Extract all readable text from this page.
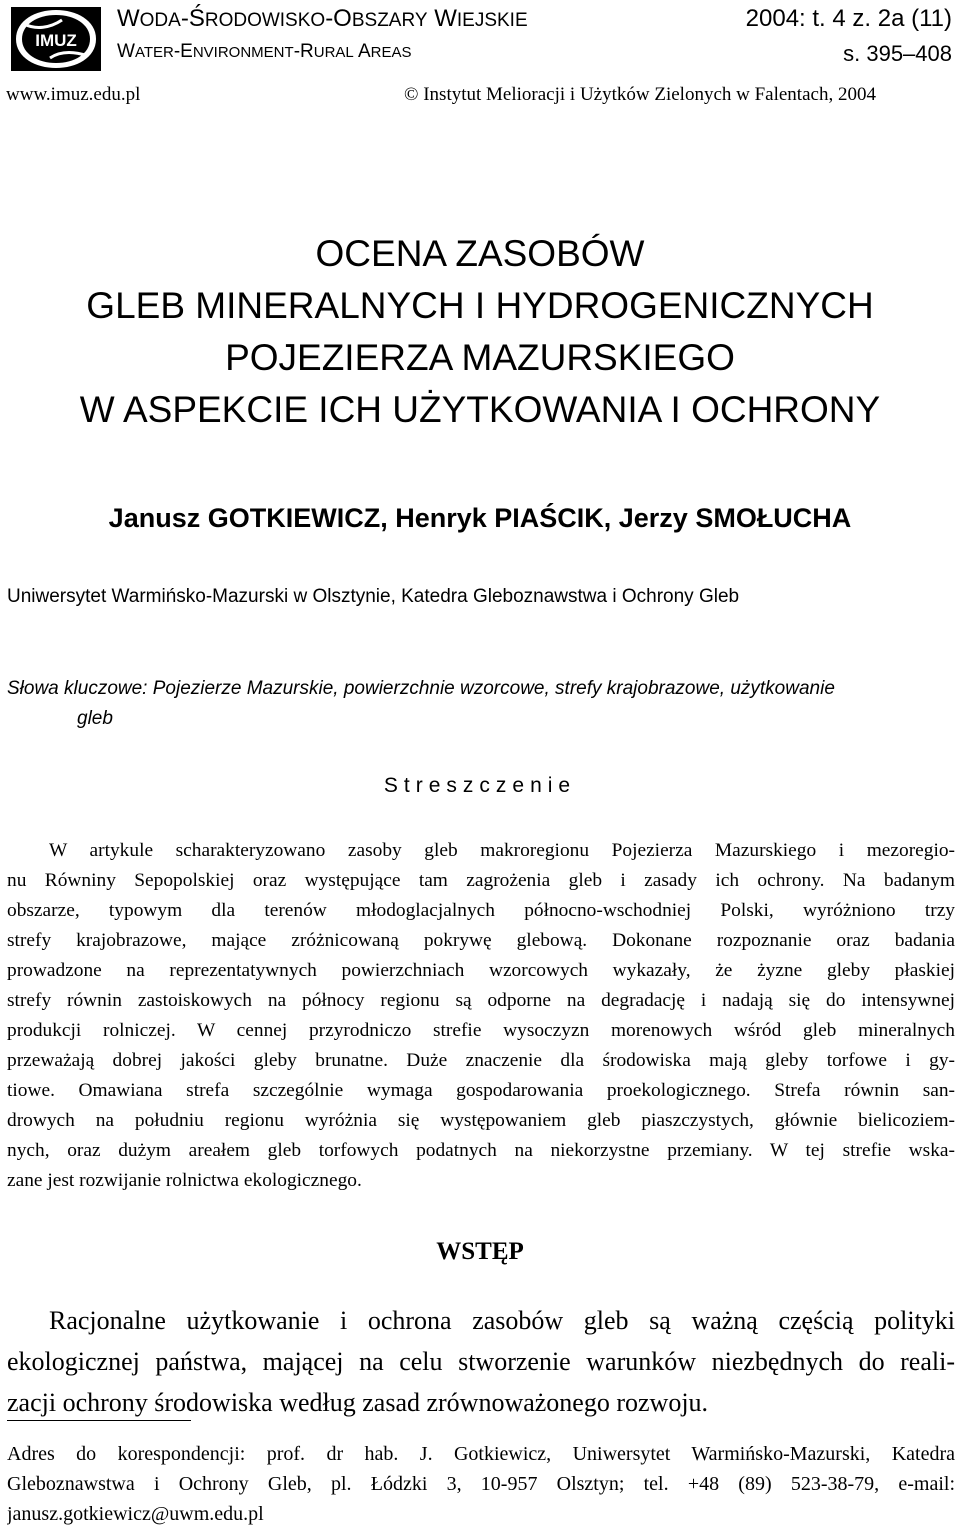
IMUZ
WODA-ŚRODOWISKO-OBSZARY WIEJSKIE
WATER-ENVIRONMENT-RURAL AREAS
2004: t. 4 z. 2a (11)
s. 395–408
www.imuz.edu.pl	© Instytut Melioracji i Użytków Zielonych w Falentach, 2004
OCENA ZASOBÓW
GLEB MINERALNYCH I HYDROGENICZNYCH
POJEZIERZA MAZURSKIEGO
W ASPEKCIE ICH UŻYTKOWANIA I OCHRONY
Janusz GOTKIEWICZ, Henryk PIAŚCIK, Jerzy SMOŁUCHA
Uniwersytet Warmińsko-Mazurski w Olsztynie, Katedra Gleboznawstwa i Ochrony Gleb
Słowa kluczowe: Pojezierze Mazurskie, powierzchnie wzorcowe, strefy krajobrazowe, użytkowanie
gleb
Streszczenie
W artykule scharakteryzowano zasoby gleb makroregionu Pojezierza Mazurskiego i mezoregio-
nu Równiny Sepopolskiej oraz występujące tam zagrożenia gleb i zasady ich ochrony. Na badanym
obszarze, typowym dla terenów młodoglacjalnych północno-wschodniej Polski, wyróżniono trzy
strefy krajobrazowe, mające zróżnicowaną pokrywę glebową. Dokonane rozpoznanie oraz badania
prowadzone na reprezentatywnych powierzchniach wzorcowych wykazały, że żyzne gleby płaskiej
strefy równin zastoiskowych na północy regionu są odporne na degradację i nadają się do intensywnej
produkcji rolniczej. W cennej przyrodniczo strefie wysoczyzn morenowych wśród gleb mineralnych
przeważają dobrej jakości gleby brunatne. Duże znaczenie dla środowiska mają gleby torfowe i gy-
tiowe. Omawiana strefa szczególnie wymaga gospodarowania proekologicznego. Strefa równin san-
drowych na południu regionu wyróżnia się występowaniem gleb piaszczystych, głównie bielicoziem-
nych, oraz dużym areałem gleb torfowych podatnych na niekorzystne przemiany. W tej strefie wska-
zane jest rozwijanie rolnictwa ekologicznego.
WSTĘP
Racjonalne użytkowanie i ochrona zasobów gleb są ważną częścią polityki
ekologicznej państwa, mającej na celu stworzenie warunków niezbędnych do reali-
zacji ochrony środowiska według zasad zrównoważonego rozwoju.
Adres do korespondencji: prof. dr hab. J. Gotkiewicz, Uniwersytet Warmińsko-Mazurski, Katedra
Gleboznawstwa i Ochrony Gleb, pl. Łódzki 3, 10-957 Olsztyn; tel. +48 (89) 523-38-79, e-mail:
janusz.gotkiewicz@uwm.edu.pl
